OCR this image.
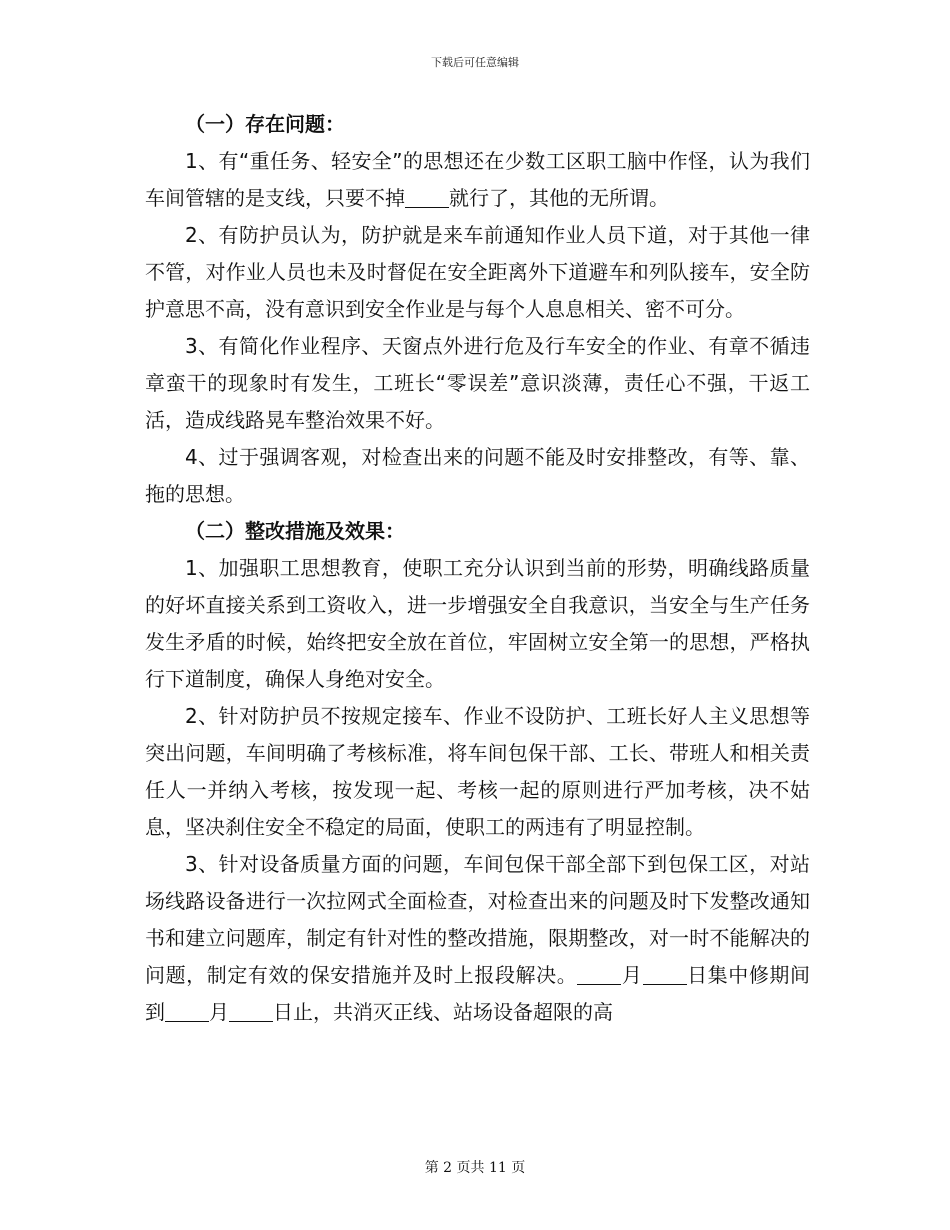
下载后可任意编辑
（一）存在问题：

1、有“重任务、轻安全”的思想还在少数工区职工脑中作怪，认为我们车间管辖的是支线，只要不掉 就行了，其他的无所谓。

2、有防护员认为，防护就是来车前通知作业人员下道，对于其他一律不管，对作业人员也未及时督促在安全距离外下道避车和列队接车，安全防护意思不高，没有意识到安全作业是与每个人息息相关、密不可分。

3、有简化作业程序、天窗点外进行危及行车安全的作业、有章不循违章蛮干的现象时有发生，工班长“零误差”意识淡薄，责任心不强，干返工活，造成线路晃车整治效果不好。

4、过于强调客观，对检查出来的问题不能及时安排整改，有等、靠、拖的思想。

（二）整改措施及效果：

1、加强职工思想教育，使职工充分认识到当前的形势，明确线路质量的好坏直接关系到工资收入，进一步增强安全自我意识，当安全与生产任务发生矛盾的时候，始终把安全放在首位，牢固树立安全第一的思想，严格执行下道制度，确保人身绝对安全。

2、针对防护员不按规定接车、作业不设防护、工班长好人主义思想等突出问题，车间明确了考核标准，将车间包保干部、工长、带班人和相关责任人一并纳入考核，按发现一起、考核一起的原则进行严加考核，决不姑息，坚决刹住安全不稳定的局面，使职工的两违有了明显控制。

3、针对设备质量方面的问题，车间包保干部全部下到包保工区，对站场线路设备进行一次拉网式全面检查，对检查出来的问题及时下发整改通知书和建立问题库，制定有针对性的整改措施，限期整改，对一时不能解决的问题，制定有效的保安措施并及时上报段解决。 月 日集中修期间到 月 日止，共消灭正线、站场设备超限的高

第 2 页共 11 页
